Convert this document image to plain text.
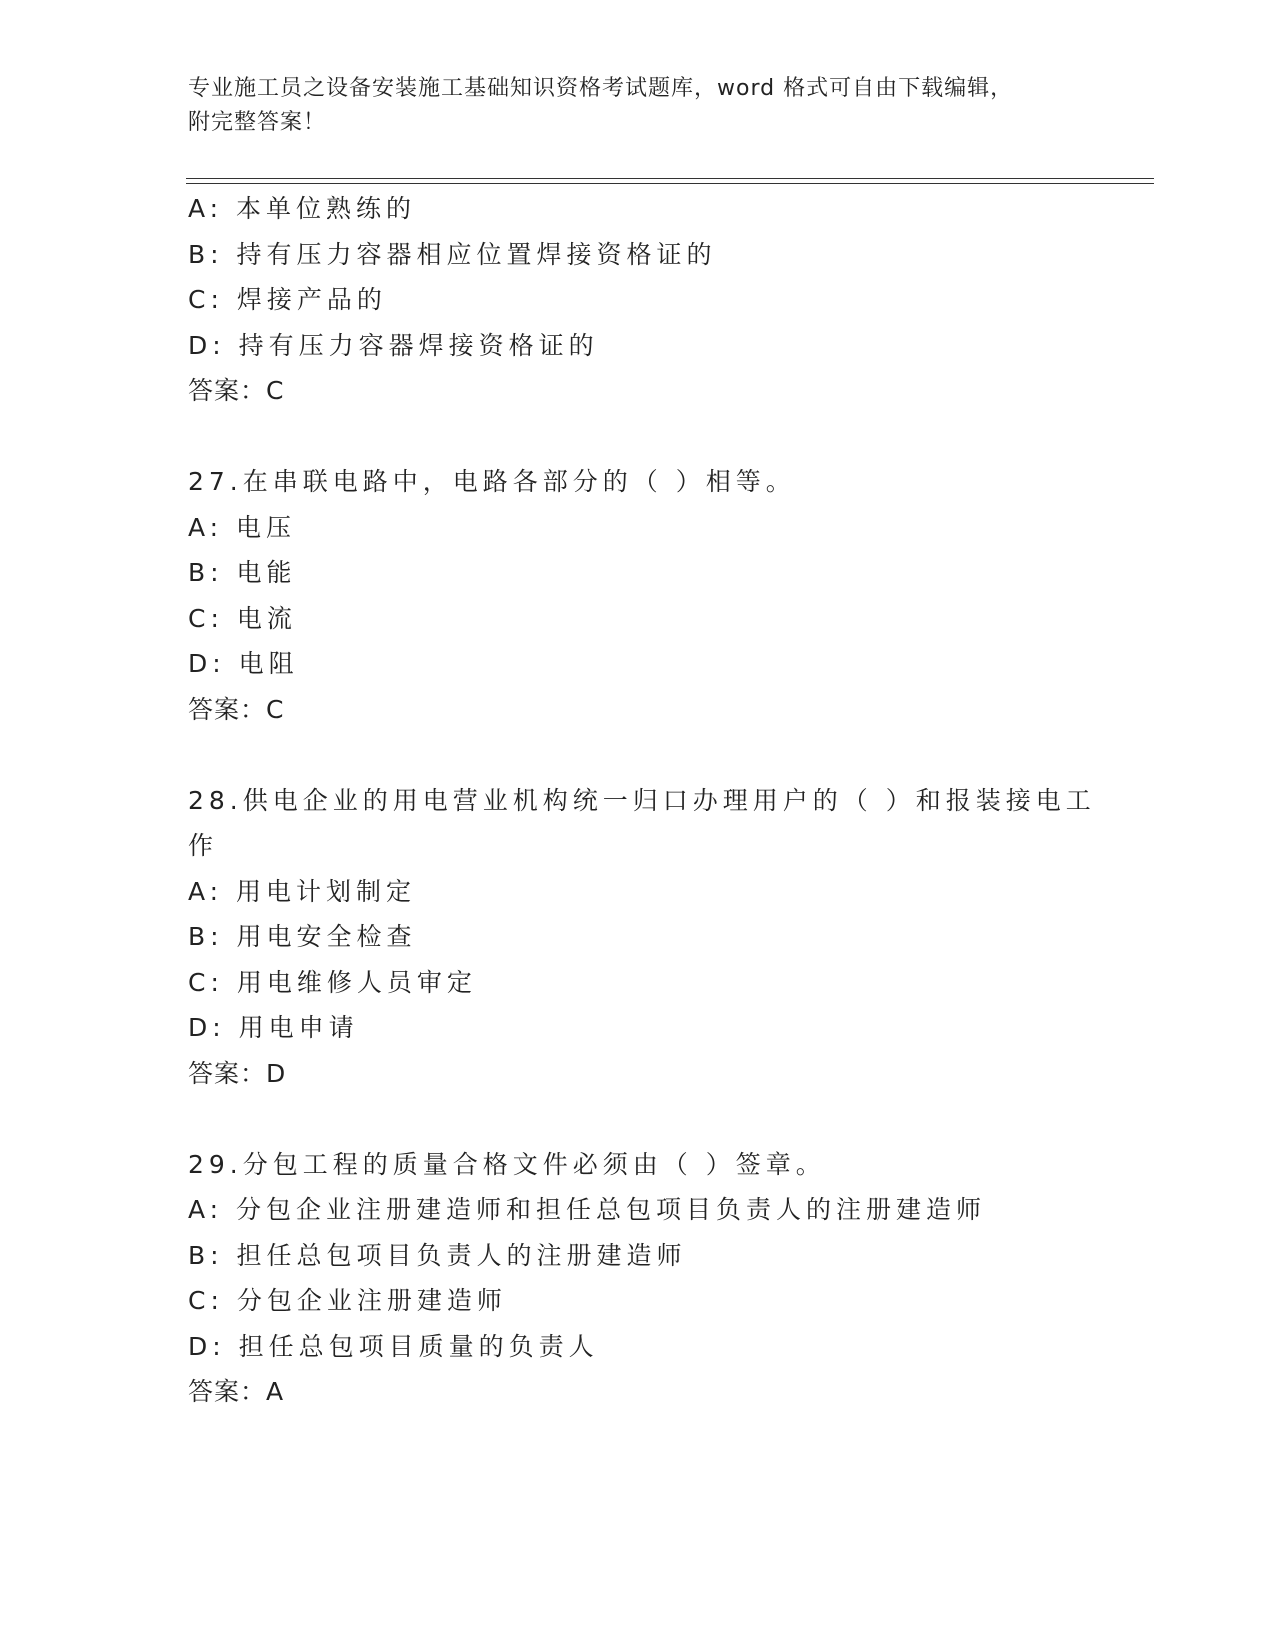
专业施工员之设备安装施工基础知识资格考试题库，word 格式可自由下载编辑，
附完整答案！
A: 本单位熟练的
B: 持有压力容器相应位置焊接资格证的
C: 焊接产品的
D: 持有压力容器焊接资格证的
答案：C
27.在串联电路中，电路各部分的（ ）相等。
A: 电压
B: 电能
C: 电流
D: 电阻
答案：C
28.供电企业的用电营业机构统一归口办理用户的（ ）和报装接电工
作
A: 用电计划制定
B: 用电安全检查
C: 用电维修人员审定
D: 用电申请
答案：D
29.分包工程的质量合格文件必须由（ ）签章。
A: 分包企业注册建造师和担任总包项目负责人的注册建造师
B: 担任总包项目负责人的注册建造师
C: 分包企业注册建造师
D: 担任总包项目质量的负责人
答案：A
